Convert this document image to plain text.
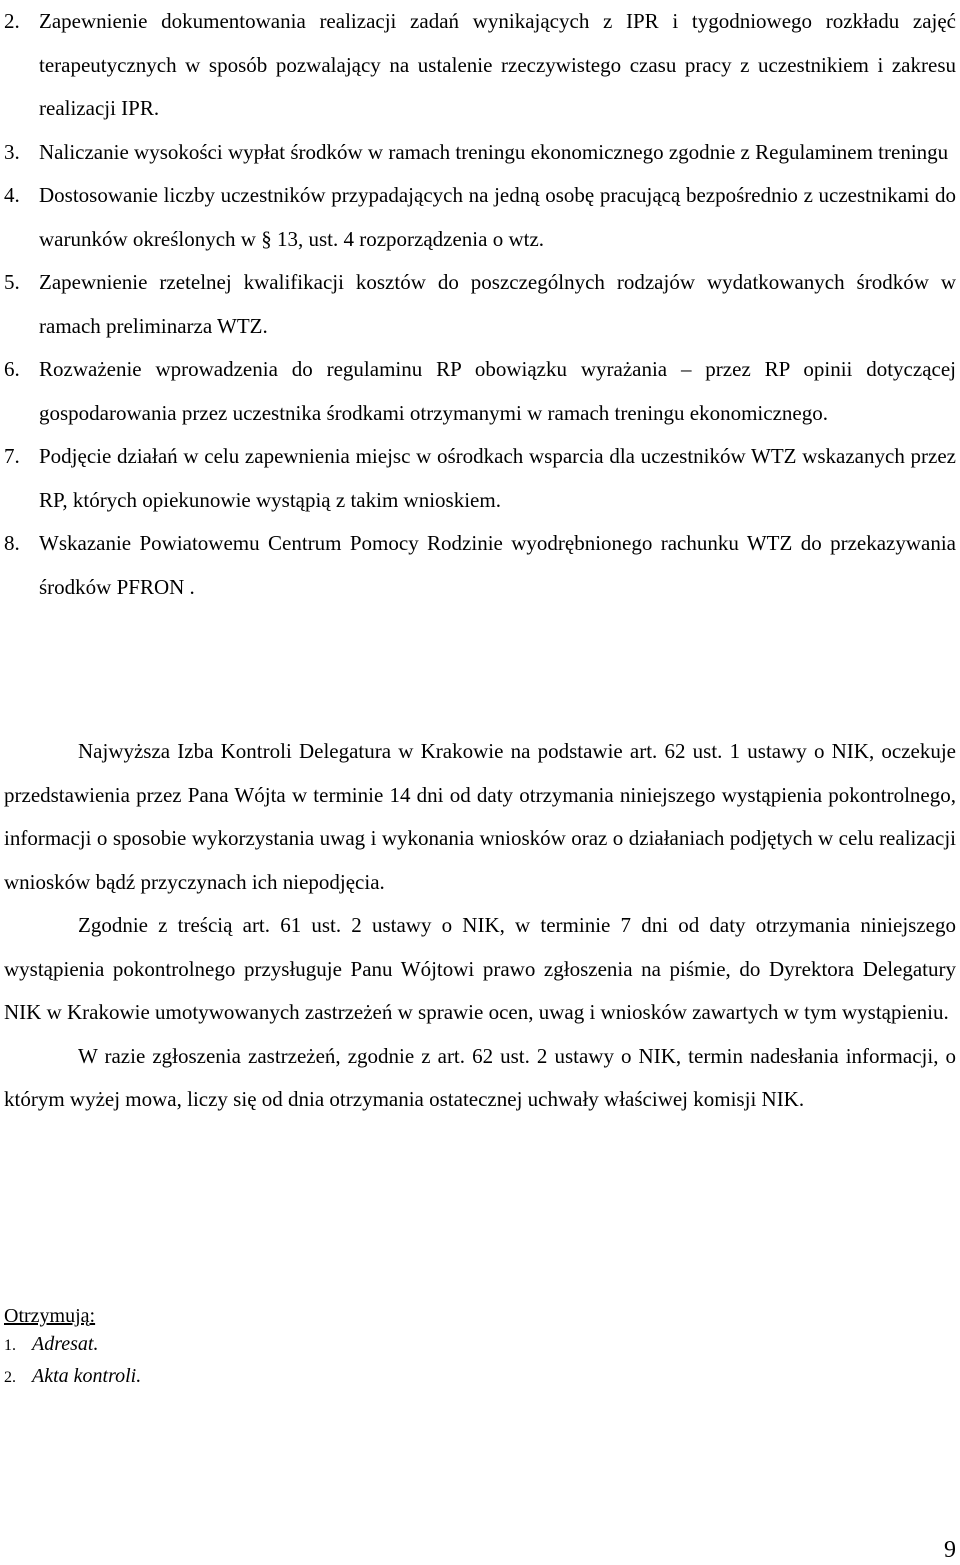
2. Zapewnienie dokumentowania realizacji zadań wynikających z IPR i tygodniowego rozkładu zajęć terapeutycznych w sposób pozwalający na ustalenie rzeczywistego czasu pracy z uczestnikiem i zakresu realizacji IPR.
3. Naliczanie wysokości wypłat środków w ramach treningu ekonomicznego zgodnie z Regulaminem treningu
4. Dostosowanie liczby uczestników przypadających na jedną osobę pracującą bezpośrednio z uczestnikami do warunków określonych w § 13, ust. 4 rozporządzenia o wtz.
5. Zapewnienie rzetelnej kwalifikacji kosztów do poszczególnych rodzajów wydatkowanych środków w ramach preliminarza WTZ.
6. Rozważenie wprowadzenia do regulaminu RP obowiązku wyrażania – przez RP opinii dotyczącej gospodarowania przez uczestnika środkami otrzymanymi w ramach treningu ekonomicznego.
7. Podjęcie działań w celu zapewnienia miejsc w ośrodkach wsparcia dla uczestników WTZ wskazanych przez RP, których opiekunowie wystąpią z takim wnioskiem.
8. Wskazanie Powiatowemu Centrum Pomocy Rodzinie wyodrębnionego rachunku WTZ do przekazywania środków PFRON .

Najwyższa Izba Kontroli Delegatura w Krakowie na podstawie art. 62 ust. 1 ustawy o NIK, oczekuje przedstawienia przez Pana Wójta w terminie 14 dni od daty otrzymania niniejszego wystąpienia pokontrolnego, informacji o sposobie wykorzystania uwag i wykonania wniosków oraz o działaniach podjętych w celu realizacji wniosków bądź przyczynach ich niepodjęcia.

Zgodnie z treścią art. 61 ust. 2 ustawy o NIK, w terminie 7 dni od daty otrzymania niniejszego wystąpienia pokontrolnego przysługuje Panu Wójtowi prawo zgłoszenia na piśmie, do Dyrektora Delegatury NIK w Krakowie umotywowanych zastrzeżeń w sprawie ocen, uwag i wniosków zawartych w tym wystąpieniu.

W razie zgłoszenia zastrzeżeń, zgodnie z art. 62 ust. 2 ustawy o NIK, termin nadesłania informacji, o którym wyżej mowa, liczy się od dnia otrzymania ostatecznej uchwały właściwej komisji NIK.

Otrzymują:

1. Adresat.

2. Akta kontroli.

9
